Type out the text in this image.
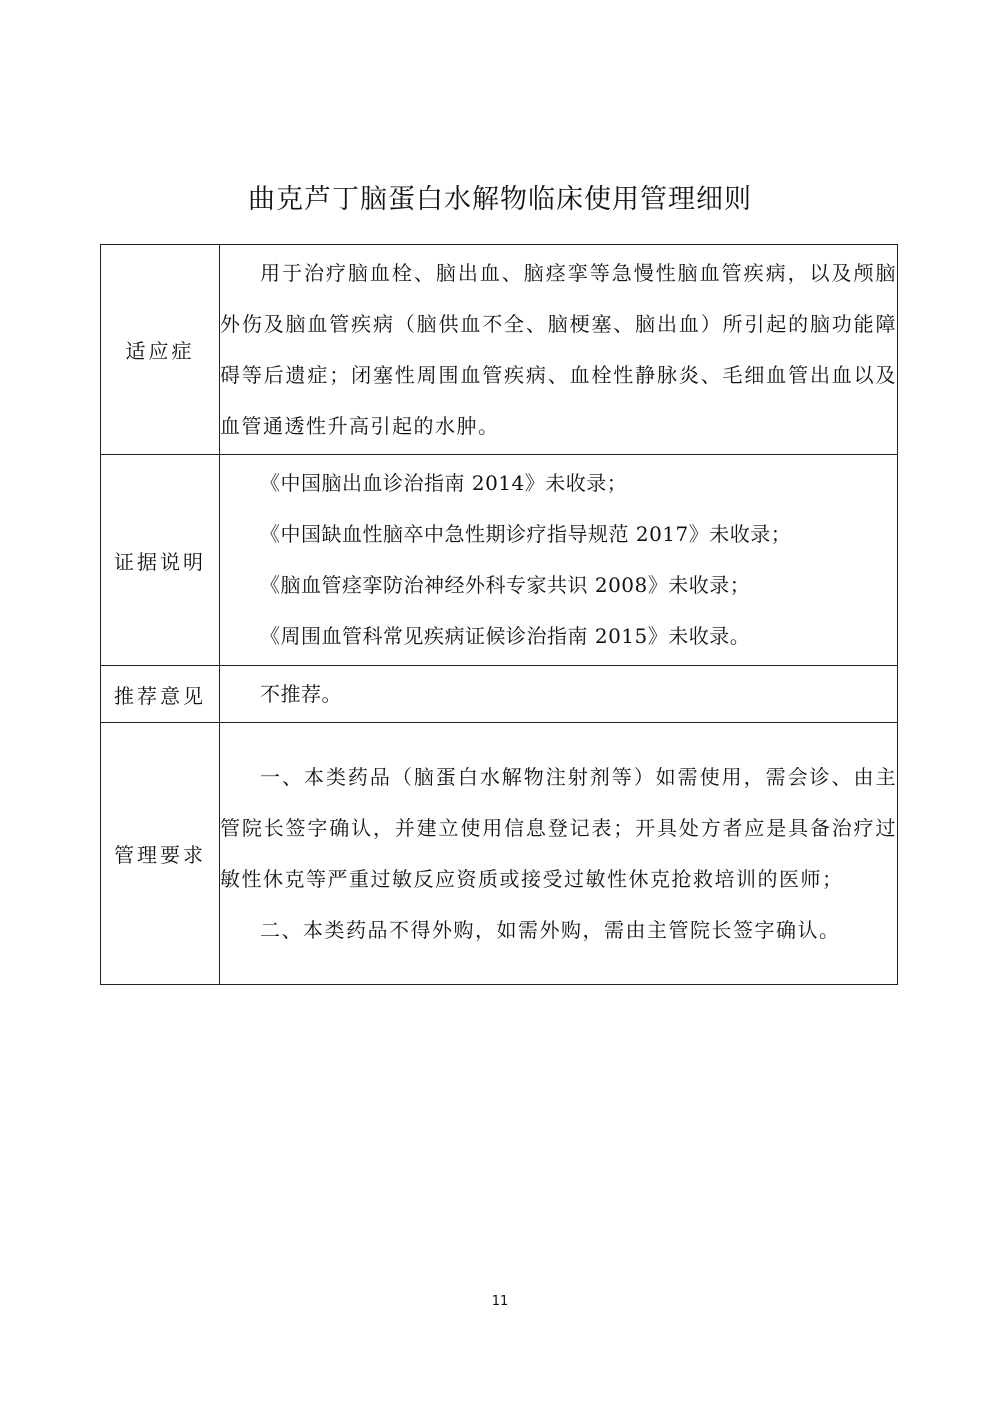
曲克芦丁脑蛋白水解物临床使用管理细则
适应症	用于治疗脑血栓、脑出血、脑痉挛等急慢性脑血管疾病，以及颅脑外伤及脑血管疾病（脑供血不全、脑梗塞、脑出血）所引起的脑功能障碍等后遗症；闭塞性周围血管疾病、血栓性静脉炎、毛细血管出血以及血管通透性升高引起的水肿。

证据说明	《中国脑出血诊治指南 2014》未收录；
《中国缺血性脑卒中急性期诊疗指导规范 2017》未收录；
《脑血管痉挛防治神经外科专家共识 2008》未收录；
《周围血管科常见疾病证候诊治指南 2015》未收录。

推荐意见	不推荐。

管理要求	一、本类药品（脑蛋白水解物注射剂等）如需使用，需会诊、由主管院长签字确认，并建立使用信息登记表；开具处方者应是具备治疗过敏性休克等严重过敏反应资质或接受过敏性休克抢救培训的医师；
二、本类药品不得外购，如需外购，需由主管院长签字确认。
11
